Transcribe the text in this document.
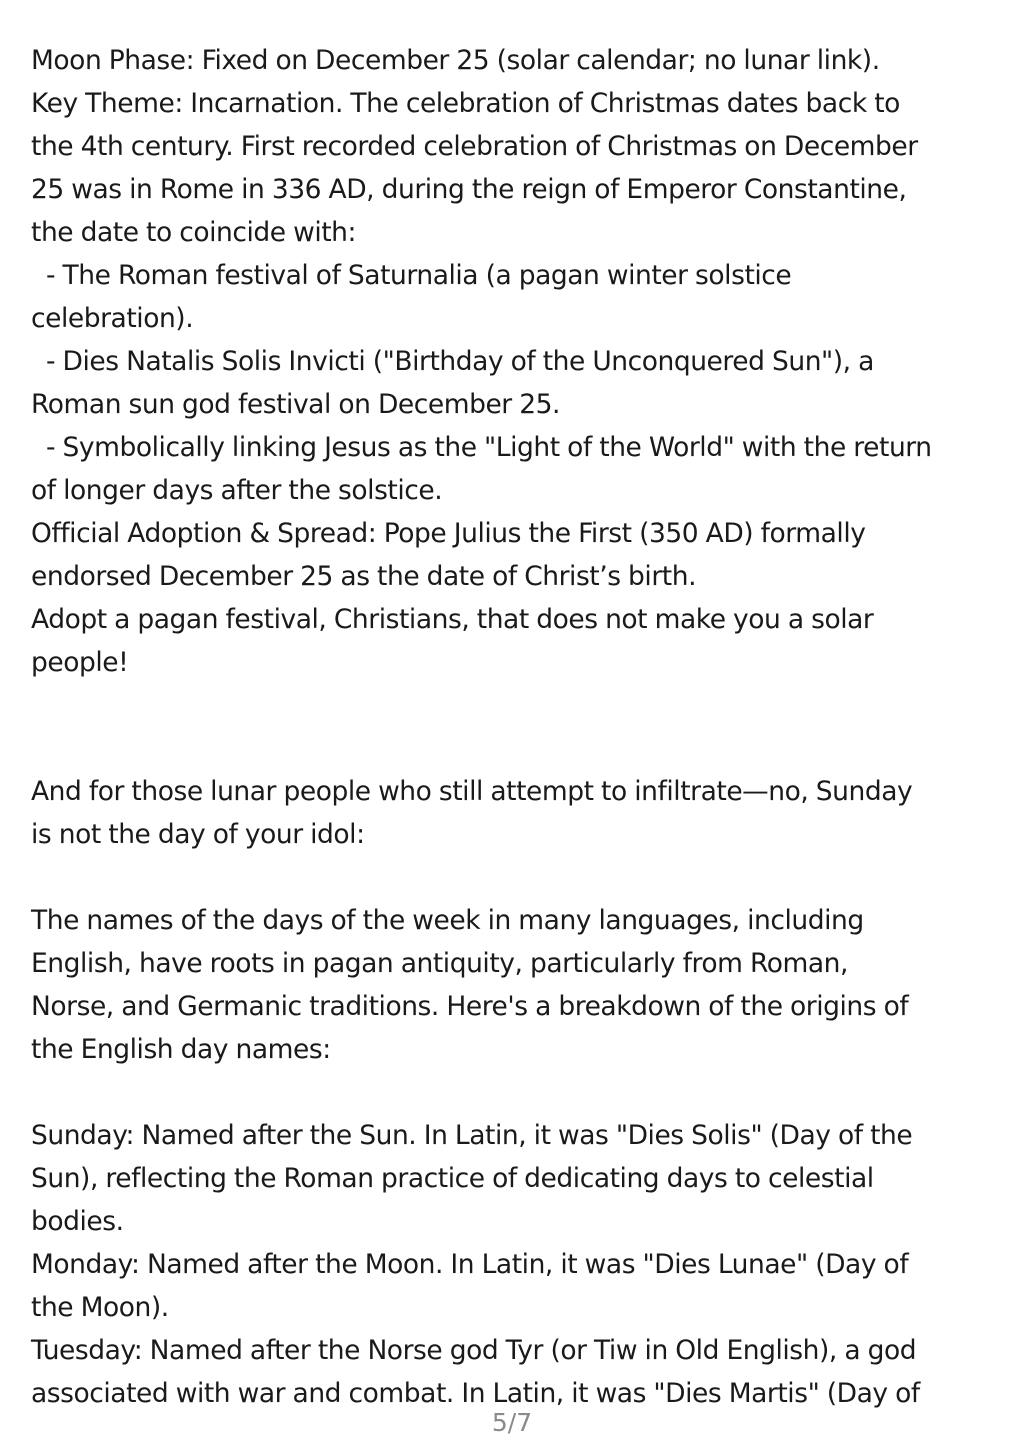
Moon Phase: Fixed on December 25 (solar calendar; no lunar link).
Key Theme: Incarnation. The celebration of Christmas dates back to
the 4th century. First recorded celebration of Christmas on December
25 was in Rome in 336 AD, during the reign of Emperor Constantine,
the date to coincide with:
- The Roman festival of Saturnalia (a pagan winter solstice
celebration).
- Dies Natalis Solis Invicti ("Birthday of the Unconquered Sun"), a
Roman sun god festival on December 25.
- Symbolically linking Jesus as the "Light of the World" with the return
of longer days after the solstice.
Official Adoption & Spread: Pope Julius the First (350 AD) formally
endorsed December 25 as the date of Christ’s birth.
Adopt a pagan festival, Christians, that does not make you a solar
people!
And for those lunar people who still attempt to infiltrate—no, Sunday
is not the day of your idol:
The names of the days of the week in many languages, including
English, have roots in pagan antiquity, particularly from Roman,
Norse, and Germanic traditions. Here's a breakdown of the origins of
the English day names:
Sunday: Named after the Sun. In Latin, it was "Dies Solis" (Day of the
Sun), reflecting the Roman practice of dedicating days to celestial
bodies.
Monday: Named after the Moon. In Latin, it was "Dies Lunae" (Day of
the Moon).
Tuesday: Named after the Norse god Tyr (or Tiw in Old English), a god
associated with war and combat. In Latin, it was "Dies Martis" (Day of
5/7
